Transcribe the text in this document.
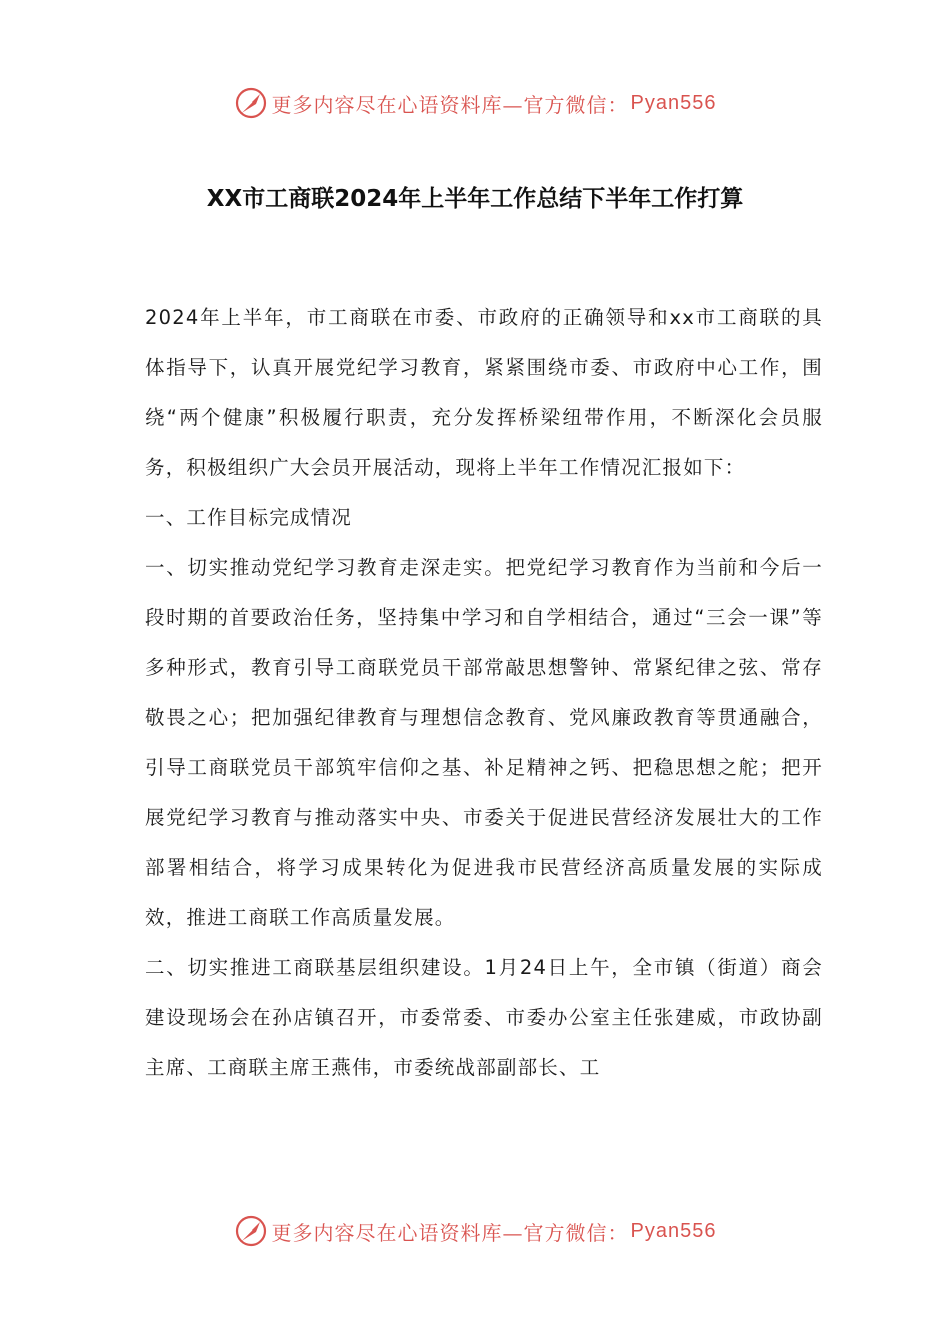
更多内容尽在心语资料库—官方微信： Pyan556
XX市工商联2024年上半年工作总结下半年工作打算

2024年上半年，市工商联在市委、市政府的正确领导和xx市工商联的具体指导下，认真开展党纪学习教育，紧紧围绕市委、市政府中心工作，围绕“两个健康”积极履行职责，充分发挥桥梁纽带作用，不断深化会员服务，积极组织广大会员开展活动，现将上半年工作情况汇报如下：

一、工作目标完成情况

一、切实推动党纪学习教育走深走实。把党纪学习教育作为当前和今后一段时期的首要政治任务，坚持集中学习和自学相结合，通过“三会一课”等多种形式，教育引导工商联党员干部常敲思想警钟、常紧纪律之弦、常存敬畏之心；把加强纪律教育与理想信念教育、党风廉政教育等贯通融合，引导工商联党员干部筑牢信仰之基、补足精神之钙、把稳思想之舵；把开展党纪学习教育与推动落实中央、市委关于促进民营经济发展壮大的工作部署相结合，将学习成果转化为促进我市民营经济高质量发展的实际成效，推进工商联工作高质量发展。

二、切实推进工商联基层组织建设。1月24日上午，全市镇（街道）商会建设现场会在孙店镇召开，市委常委、市委办公室主任张建威，市政协副主席、工商联主席王燕伟，市委统战部副部长、工

更多内容尽在心语资料库—官方微信： Pyan556
